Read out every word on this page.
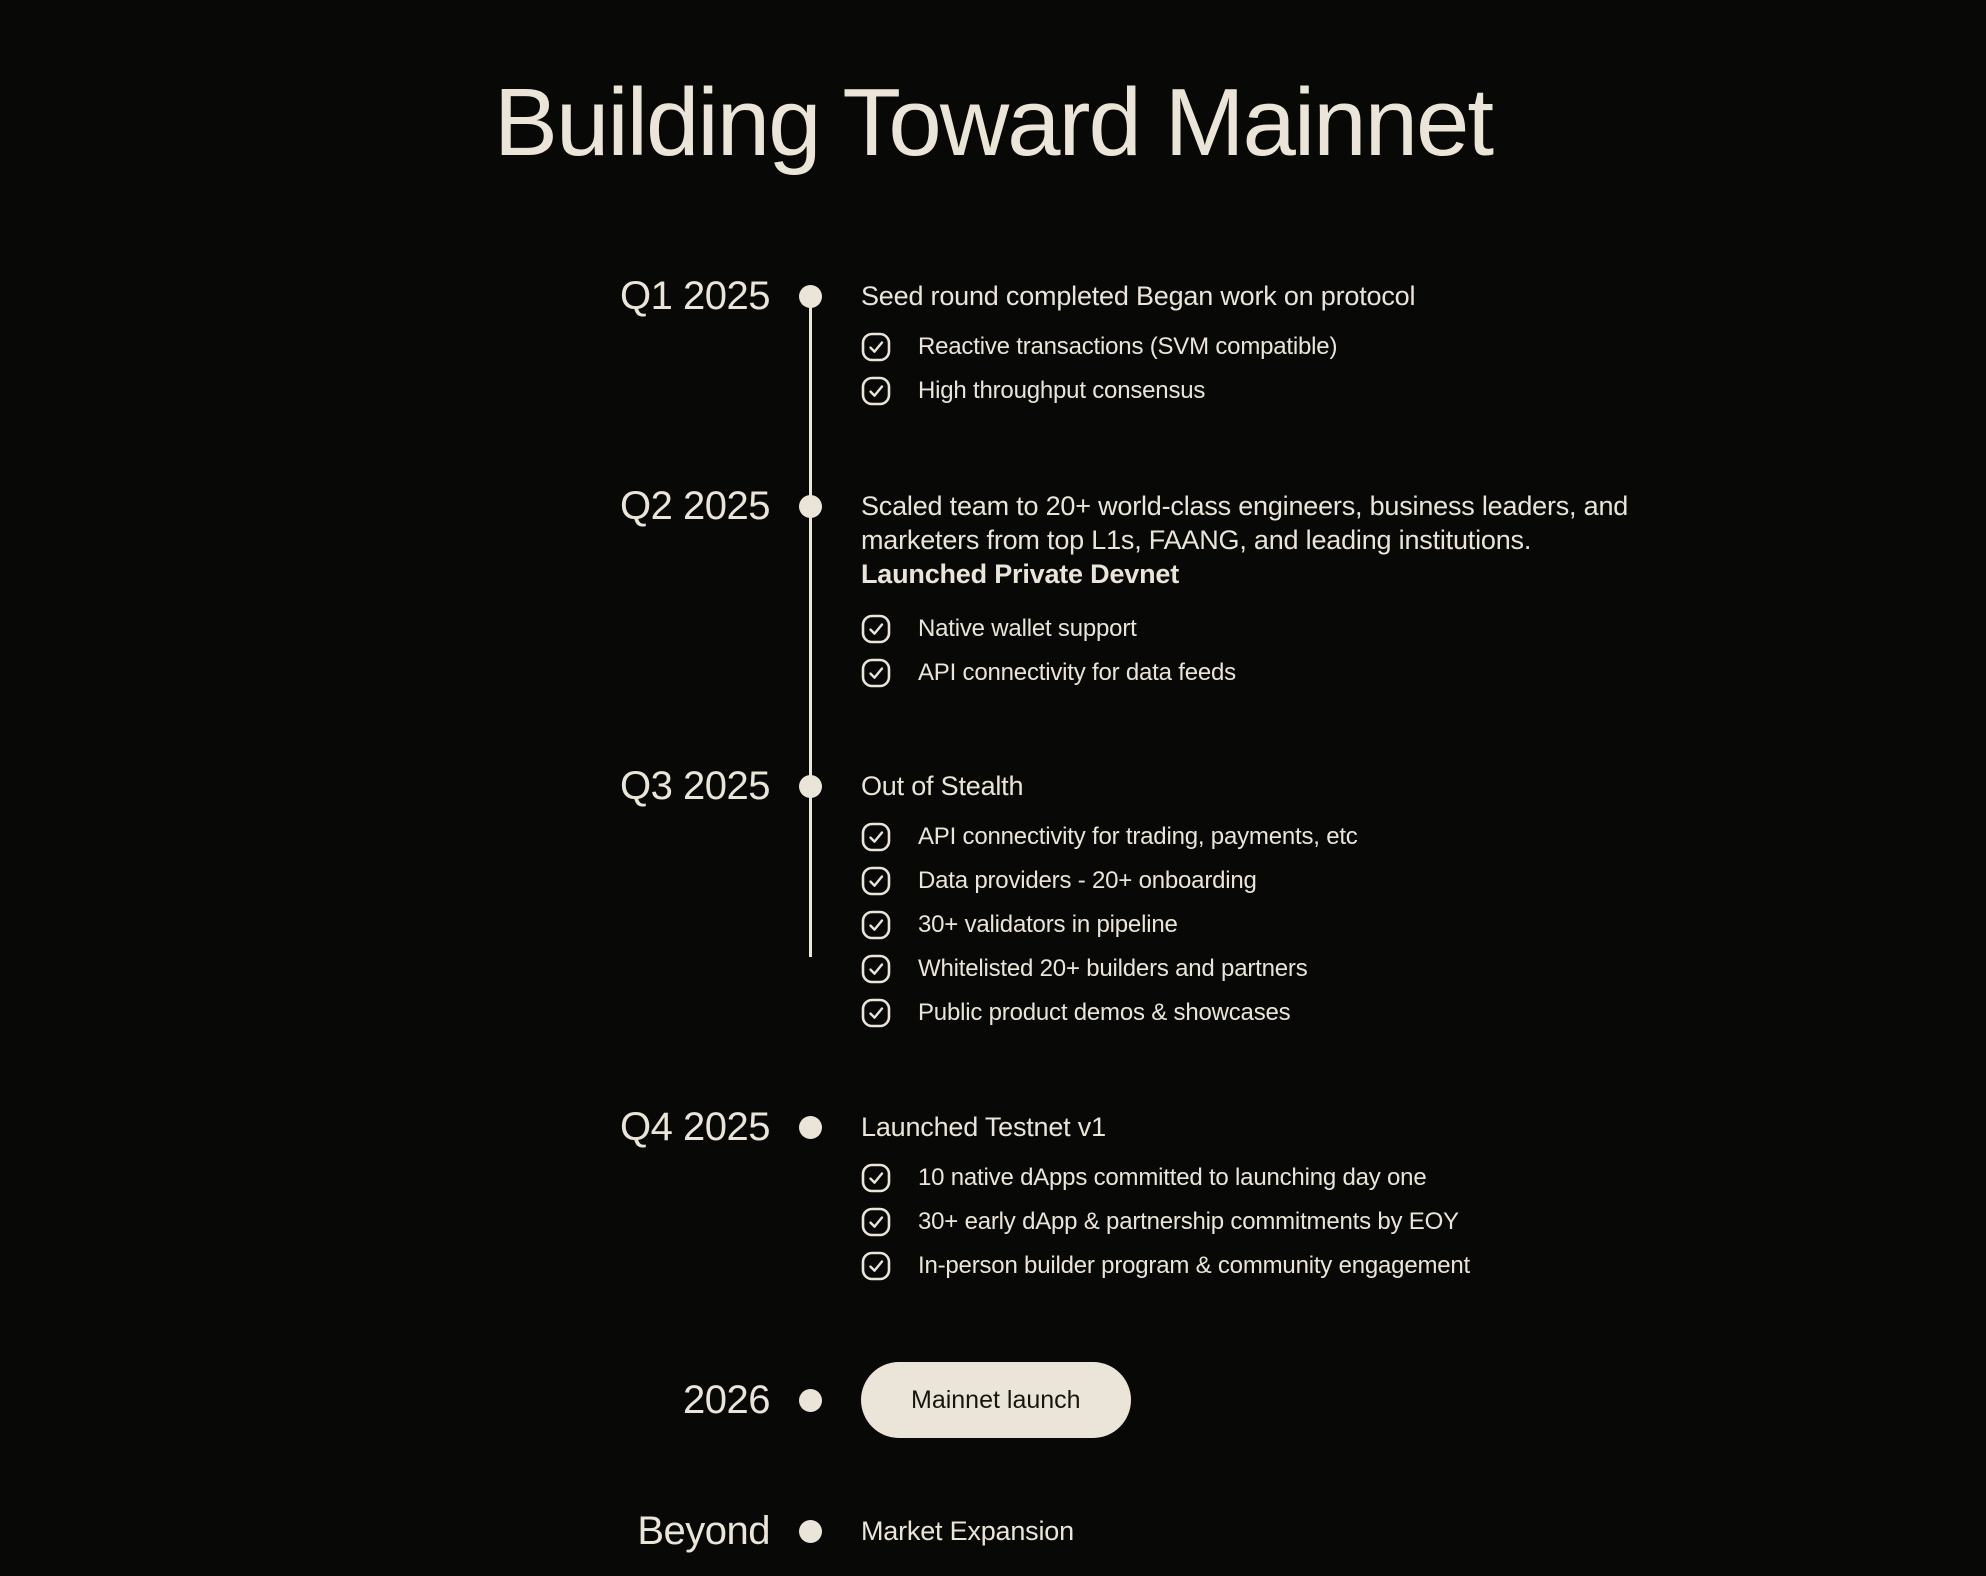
Building Toward Mainnet
Q1 2025	Seed round completed Began work on protocol
Reactive transactions (SVM compatible)
High throughput consensus
Q2 2025	Scaled team to 20+ world-class engineers, business leaders, and marketers from top L1s, FAANG, and leading institutions.
Launched Private Devnet
Native wallet support
API connectivity for data feeds
Q3 2025	Out of Stealth
API connectivity for trading, payments, etc
Data providers - 20+ onboarding
30+ validators in pipeline
Whitelisted 20+ builders and partners
Public product demos & showcases
Q4 2025	Launched Testnet v1
10 native dApps committed to launching day one
30+ early dApp & partnership commitments by EOY
In-person builder program & community engagement
2026	Mainnet launch
Beyond	Market Expansion
